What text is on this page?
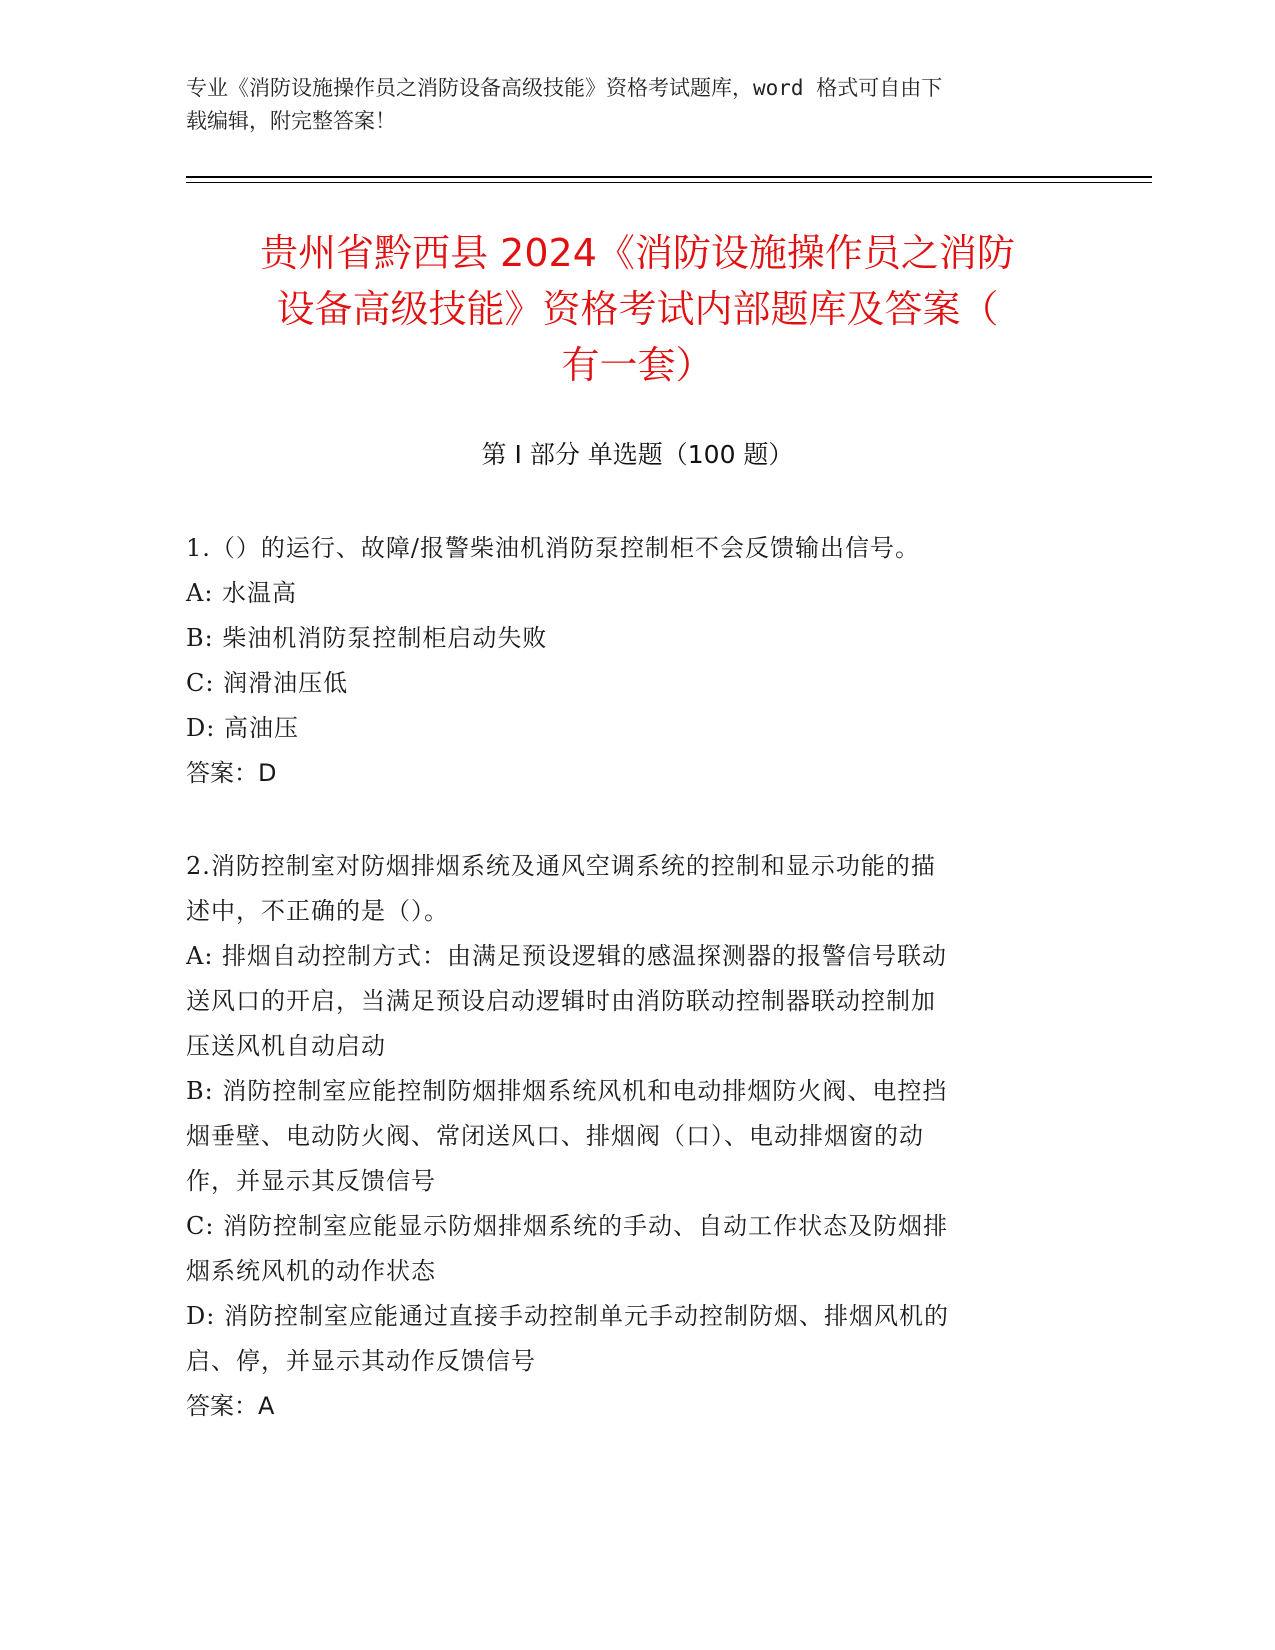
专业《消防设施操作员之消防设备高级技能》资格考试题库，word 格式可自由下
载编辑，附完整答案！
贵州省黔西县 2024《消防设施操作员之消防
设备高级技能》资格考试内部题库及答案（
有一套）
第 I 部分 单选题（100 题）
1.（）的运行、故障/报警柴油机消防泵控制柜不会反馈输出信号。
A: 水温高
B: 柴油机消防泵控制柜启动失败
C: 润滑油压低
D: 高油压
答案：D
2.消防控制室对防烟排烟系统及通风空调系统的控制和显示功能的描
述中，不正确的是（）。
A: 排烟自动控制方式：由满足预设逻辑的感温探测器的报警信号联动
送风口的开启，当满足预设启动逻辑时由消防联动控制器联动控制加
压送风机自动启动
B: 消防控制室应能控制防烟排烟系统风机和电动排烟防火阀、电控挡
烟垂壁、电动防火阀、常闭送风口、排烟阀（口）、电动排烟窗的动
作，并显示其反馈信号
C: 消防控制室应能显示防烟排烟系统的手动、自动工作状态及防烟排
烟系统风机的动作状态
D: 消防控制室应能通过直接手动控制单元手动控制防烟、排烟风机的
启、停，并显示其动作反馈信号
答案：A
